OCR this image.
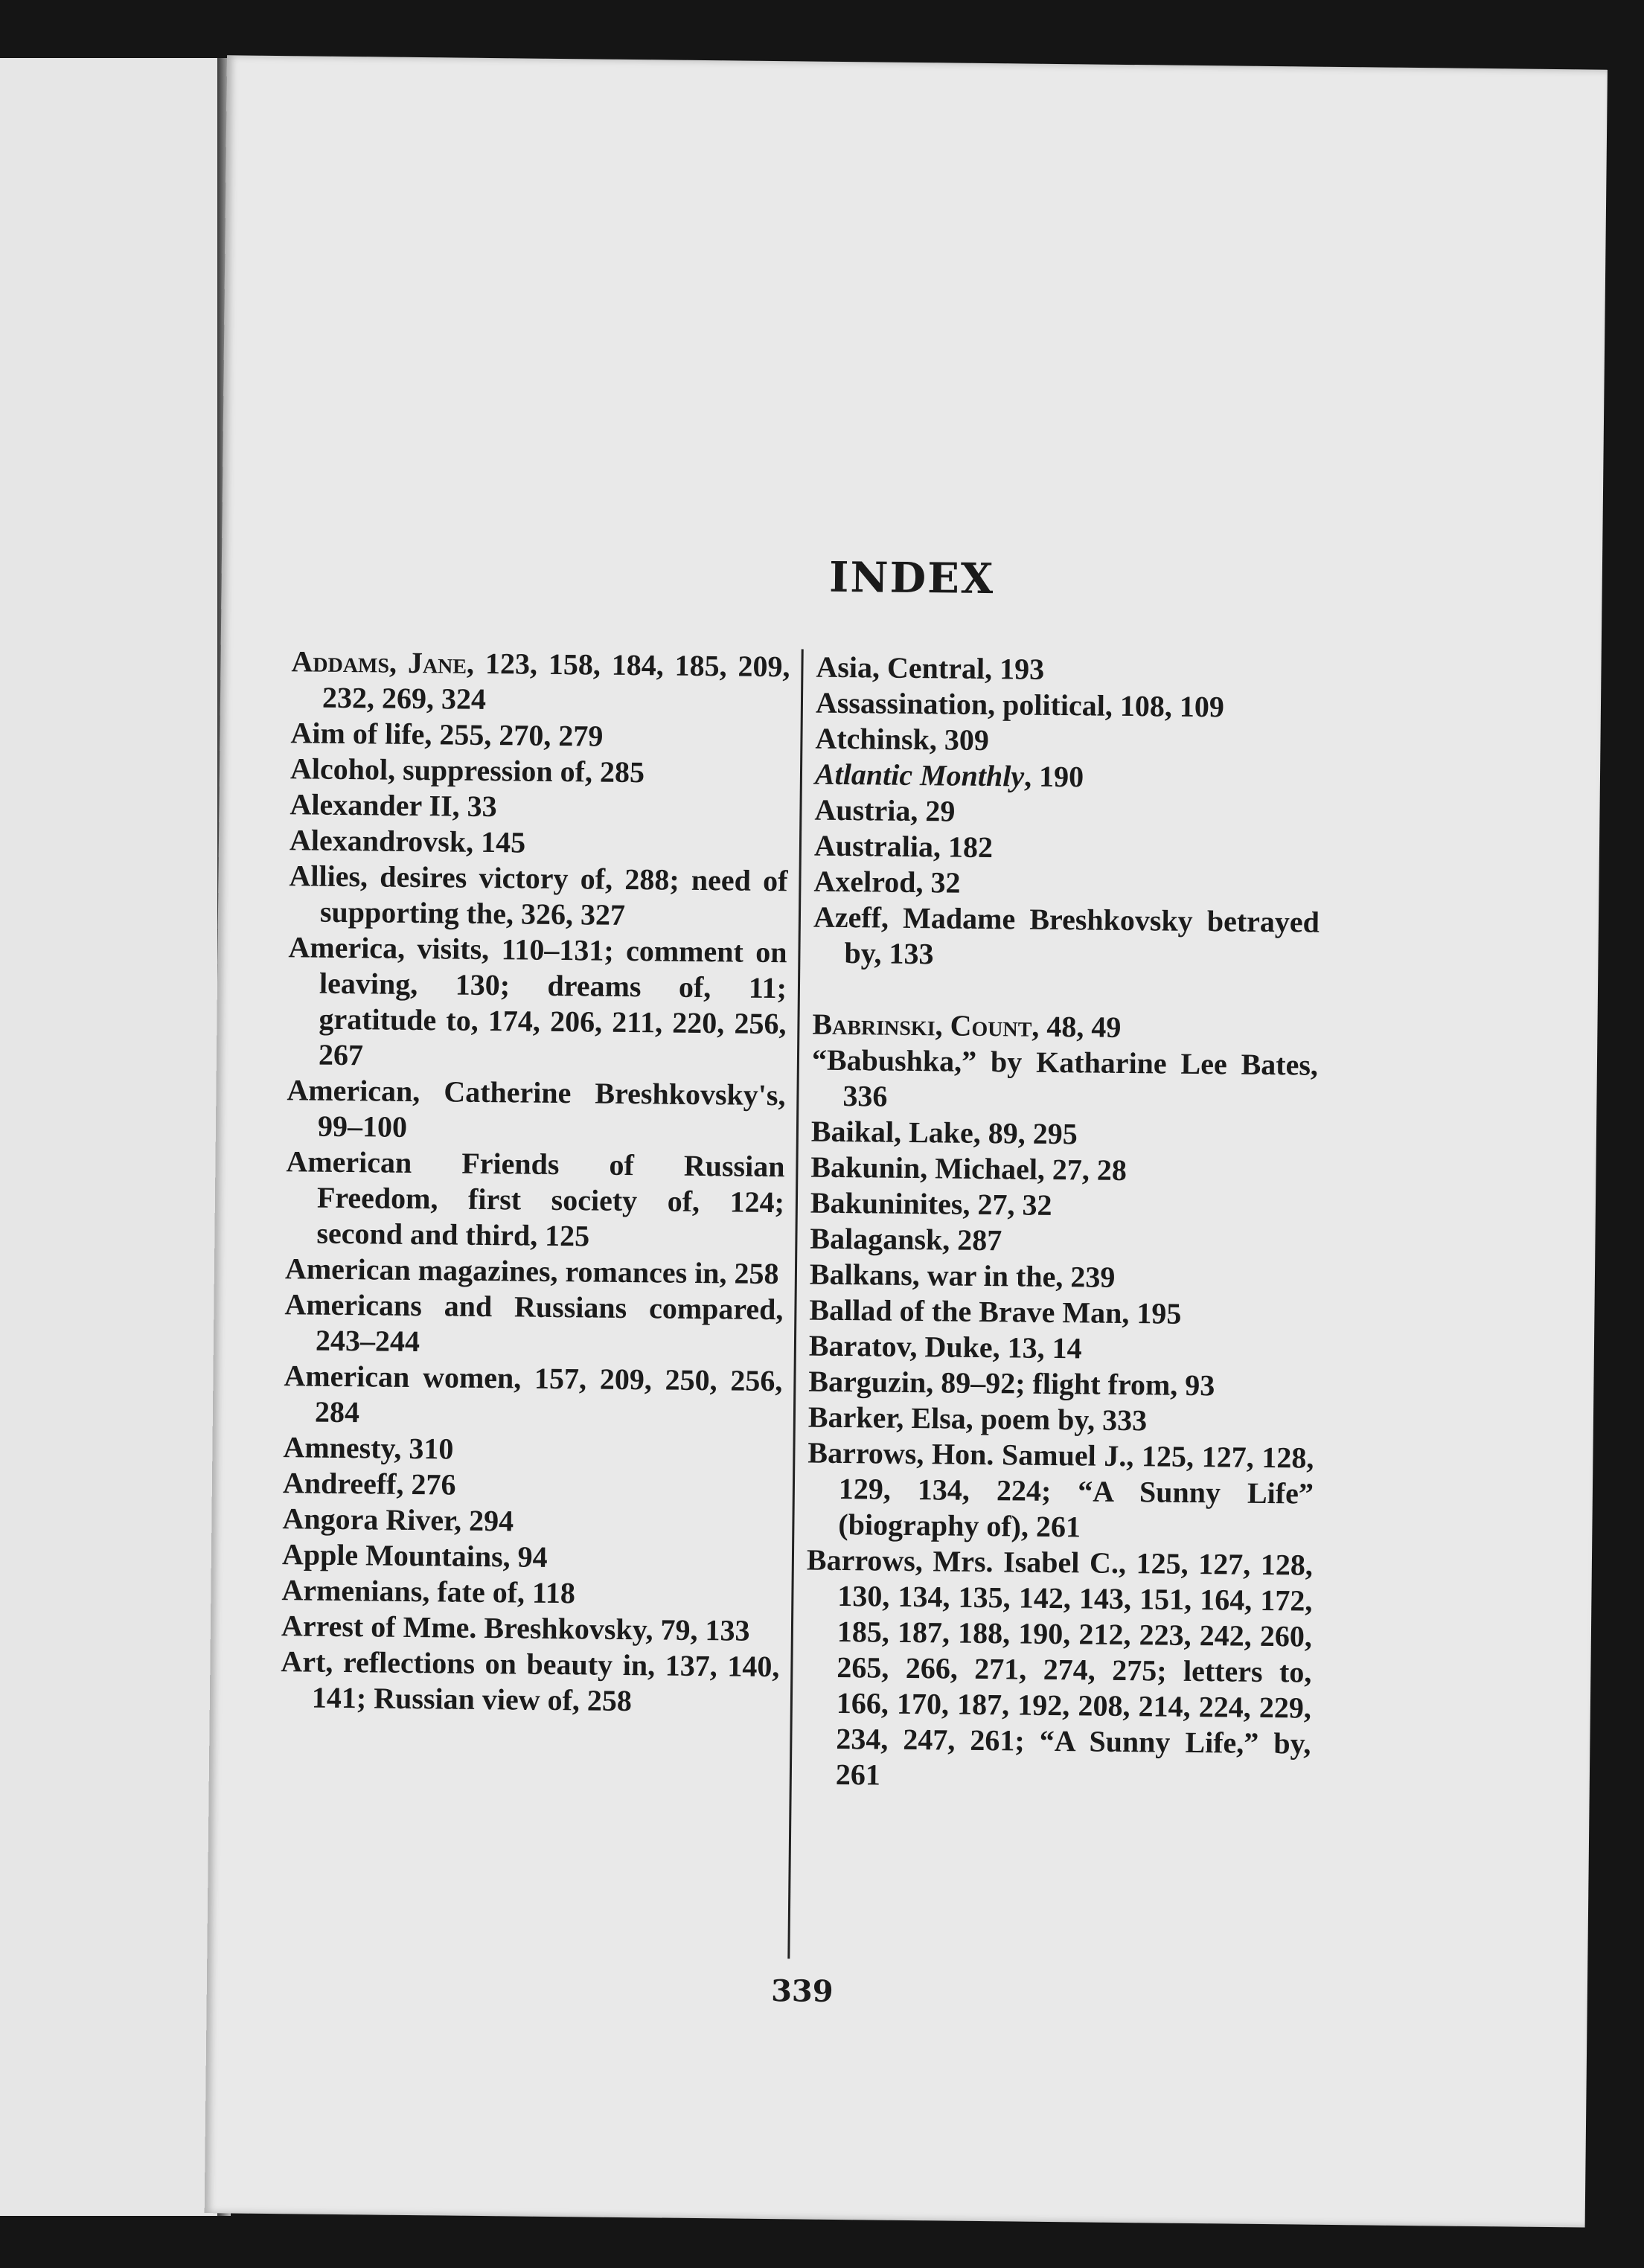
INDEX

Addams, Jane, 123, 158, 184, 185, 209, 232, 269, 324

Aim of life, 255, 270, 279

Alcohol, suppression of, 285

Alexander II, 33

Alexandrovsk, 145

Allies, desires victory of, 288; need of supporting the, 326, 327

America, visits, 110–131; comment on leaving, 130; dreams of, 11; gratitude to, 174, 206, 211, 220, 256, 267

American, Catherine Breshkovsky's, 99–100

American Friends of Russian Freedom, first society of, 124; second and third, 125

American magazines, romances in, 258

Americans and Russians compared, 243–244

American women, 157, 209, 250, 256, 284

Amnesty, 310

Andreeff, 276

Angora River, 294

Apple Mountains, 94

Armenians, fate of, 118

Arrest of Mme. Breshkovsky, 79, 133

Art, reflections on beauty in, 137, 140, 141; Russian view of, 258

Asia, Central, 193

Assassination, political, 108, 109

Atchinsk, 309

Atlantic Monthly, 190

Austria, 29

Australia, 182

Axelrod, 32

Azeff, Madame Breshkovsky betrayed by, 133

Babrinski, Count, 48, 49

“Babushka,” by Katharine Lee Bates, 336

Baikal, Lake, 89, 295

Bakunin, Michael, 27, 28

Bakuninites, 27, 32

Balagansk, 287

Balkans, war in the, 239

Ballad of the Brave Man, 195

Baratov, Duke, 13, 14

Barguzin, 89–92; flight from, 93

Barker, Elsa, poem by, 333

Barrows, Hon. Samuel J., 125, 127, 128, 129, 134, 224; “A Sunny Life” (biography of), 261

Barrows, Mrs. Isabel C., 125, 127, 128, 130, 134, 135, 142, 143, 151, 164, 172, 185, 187, 188, 190, 212, 223, 242, 260, 265, 266, 271, 274, 275; letters to, 166, 170, 187, 192, 208, 214, 224, 229, 234, 247, 261; “A Sunny Life,” by, 261

339
